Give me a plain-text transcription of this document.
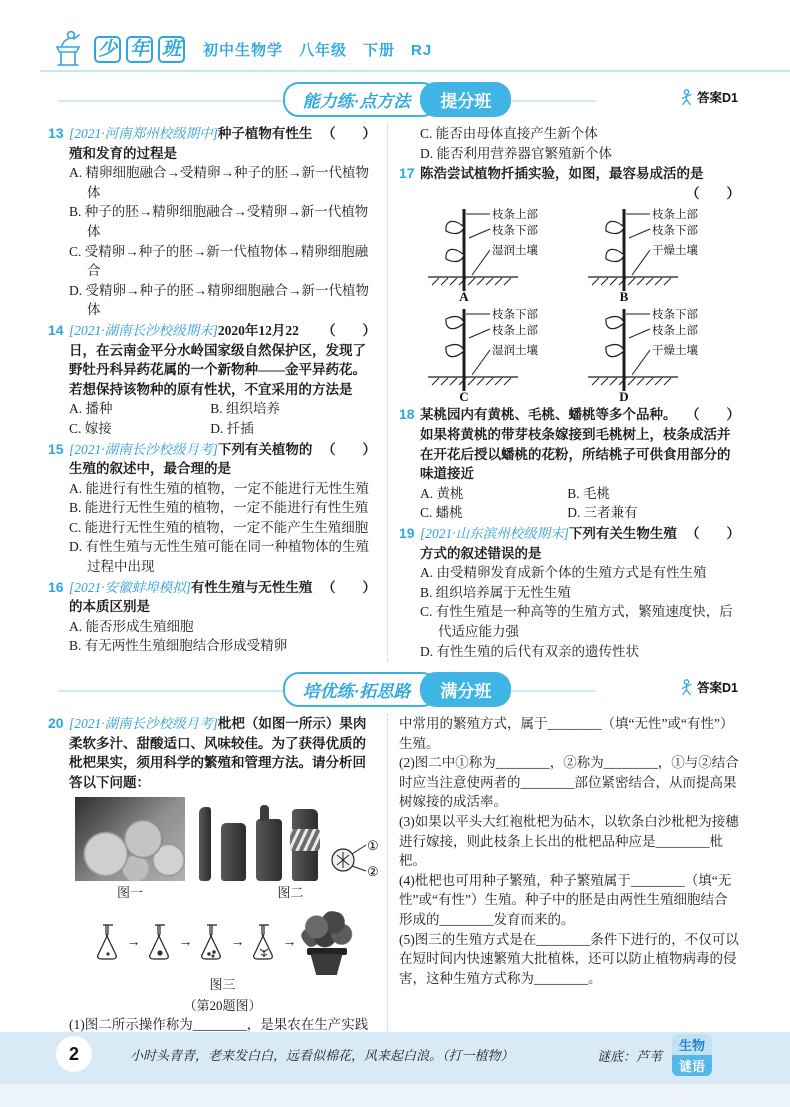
少 年 班 初中生物学　八年级　下册　RJ
能力练·点方法 提分班	答案D1
13	（　　）
[2021·河南郑州校级期中]种子植物有性生殖和发育的过程是
A. 精卵细胞融合→受精卵→种子的胚→新一代植物体
B. 种子的胚→精卵细胞融合→受精卵→新一代植物体
C. 受精卵→种子的胚→新一代植物体→精卵细胞融合
D. 受精卵→种子的胚→精卵细胞融合→新一代植物体
14	（　　）
[2021·湖南长沙校级期末]2020年12月22日，在云南金平分水岭国家级自然保护区，发现了野牡丹科异药花属的一个新物种——金平异药花。若想保持该物种的原有性状，不宜采用的方法是
A. 播种	B. 组织培养
C. 嫁接	D. 扦插
15	（　　）
[2021·湖南长沙校级月考]下列有关植物的生殖的叙述中，最合理的是
A. 能进行有性生殖的植物，一定不能进行无性生殖
B. 能进行无性生殖的植物，一定不能进行有性生殖
C. 能进行无性生殖的植物，一定不能产生生殖细胞
D. 有性生殖与无性生殖可能在同一种植物体的生殖过程中出现
16	（　　）
[2021·安徽蚌埠模拟]有性生殖与无性生殖的本质区别是
A. 能否形成生殖细胞
B. 有无两性生殖细胞结合形成受精卵
C. 能否由母体直接产生新个体
D. 能否利用营养器官繁殖新个体
17 陈浩尝试植物扦插实验，如图，最容易成活的是
（　　）
枝条上部
枝条下部
湿润土壤
A
枝条上部
枝条下部
干燥土壤
B
枝条下部
枝条上部
湿润土壤
C
枝条下部
枝条上部
干燥土壤
D
18	（　　）
某桃园内有黄桃、毛桃、蟠桃等多个品种。如果将黄桃的带芽枝条嫁接到毛桃树上，枝条成活并在开花后授以蟠桃的花粉，所结桃子可供食用部分的味道接近
A. 黄桃	B. 毛桃
C. 蟠桃	D. 三者兼有
19	（　　）
[2021·山东滨州校级期末]下列有关生物生殖方式的叙述错误的是
A. 由受精卵发育成新个体的生殖方式是有性生殖
B. 组织培养属于无性生殖
C. 有性生殖是一种高等的生殖方式，繁殖速度快，后代适应能力强
D. 有性生殖的后代有双亲的遗传性状
培优练·拓思路 满分班	答案D1
20 [2021·湖南长沙校级月考]枇杷（如图一所示）果肉柔软多汁、甜酸适口、风味较佳。为了获得优质的枇杷果实，须用科学的繁殖和管理方法。请分析回答以下问题：
图一
①
②
图二
→	→	→	→
图三
（第20题图）
(1)图二所示操作称为________，是果农在生产实践
中常用的繁殖方式，属于________（填“无性”或“有性”）生殖。
(2)图二中①称为________，②称为________，①与②结合时应当注意使两者的________部位紧密结合，从而提高果树嫁接的成活率。
(3)如果以平头大红袍枇杷为砧木，以软条白沙枇杷为接穗进行嫁接，则此枝条上长出的枇杷品种应是________枇杷。
(4)枇杷也可用种子繁殖，种子繁殖属于________（填“无性”或“有性”）生殖。种子中的胚是由两性生殖细胞结合形成的________发育而来的。
(5)图三的生殖方式是在________条件下进行的，不仅可以在短时间内快速繁殖大批植株，还可以防止植物病毒的侵害，这种生殖方式称为________。
2	小时头青青，老来发白白，远看似棉花，风来起白浪。（打一植物）	谜底：芦苇
生物
谜语
